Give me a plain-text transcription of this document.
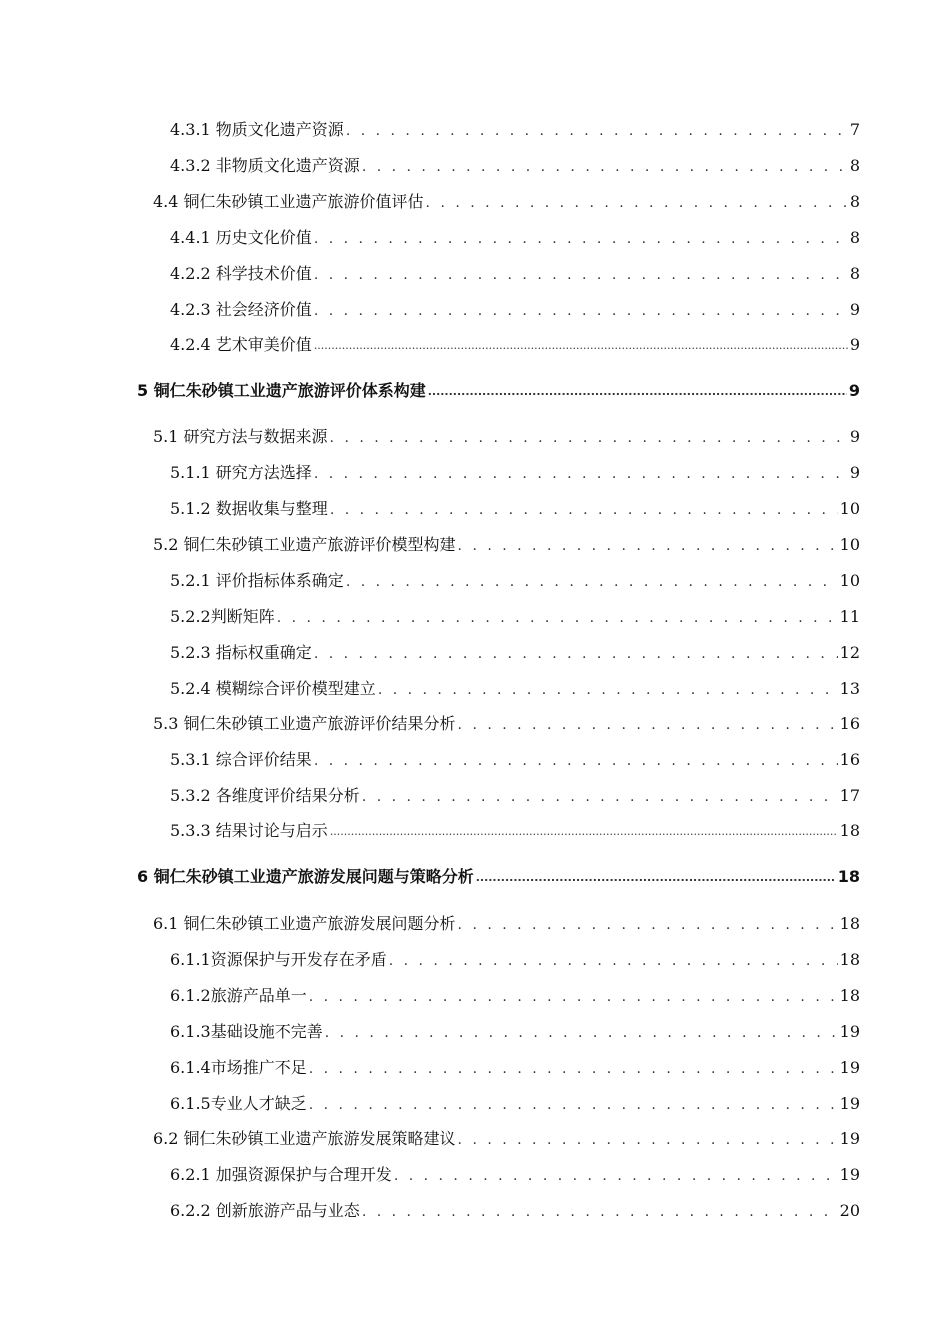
4.3.1 物质文化遗产资源 . . .	7
4.3.2 非物质文化遗产资源 . . .	8
4.4 铜仁朱砂镇工业遗产旅游价值评估 . . .	8
4.4.1 历史文化价值 . . .	8
4.2.2 科学技术价值 . . .	8
4.2.3 社会经济价值 . . .	9
4.2.4 艺术审美价值 .....	9
5 铜仁朱砂镇工业遗产旅游评价体系构建 .....	9
5.1 研究方法与数据来源 . . .	9
5.1.1 研究方法选择 . . .	9
5.1.2 数据收集与整理 . . .	10
5.2 铜仁朱砂镇工业遗产旅游评价模型构建 . . .	10
5.2.1 评价指标体系确定 . . .	10
5.2.2判断矩阵 . . .	11
5.2.3 指标权重确定 . . .	12
5.2.4 模糊综合评价模型建立 . . .	13
5.3 铜仁朱砂镇工业遗产旅游评价结果分析 . . .	16
5.3.1 综合评价结果 . . .	16
5.3.2 各维度评价结果分析 . . .	17
5.3.3 结果讨论与启示 .....	18
6 铜仁朱砂镇工业遗产旅游发展问题与策略分析 .....	18
6.1 铜仁朱砂镇工业遗产旅游发展问题分析 . . .	18
6.1.1资源保护与开发存在矛盾 . . .	18
6.1.2旅游产品单一 . . .	18
6.1.3基础设施不完善 . . .	19
6.1.4市场推广不足 . . .	19
6.1.5专业人才缺乏 . . .	19
6.2 铜仁朱砂镇工业遗产旅游发展策略建议 . . .	19
6.2.1 加强资源保护与合理开发 . . .	19
6.2.2 创新旅游产品与业态 . . .	20
